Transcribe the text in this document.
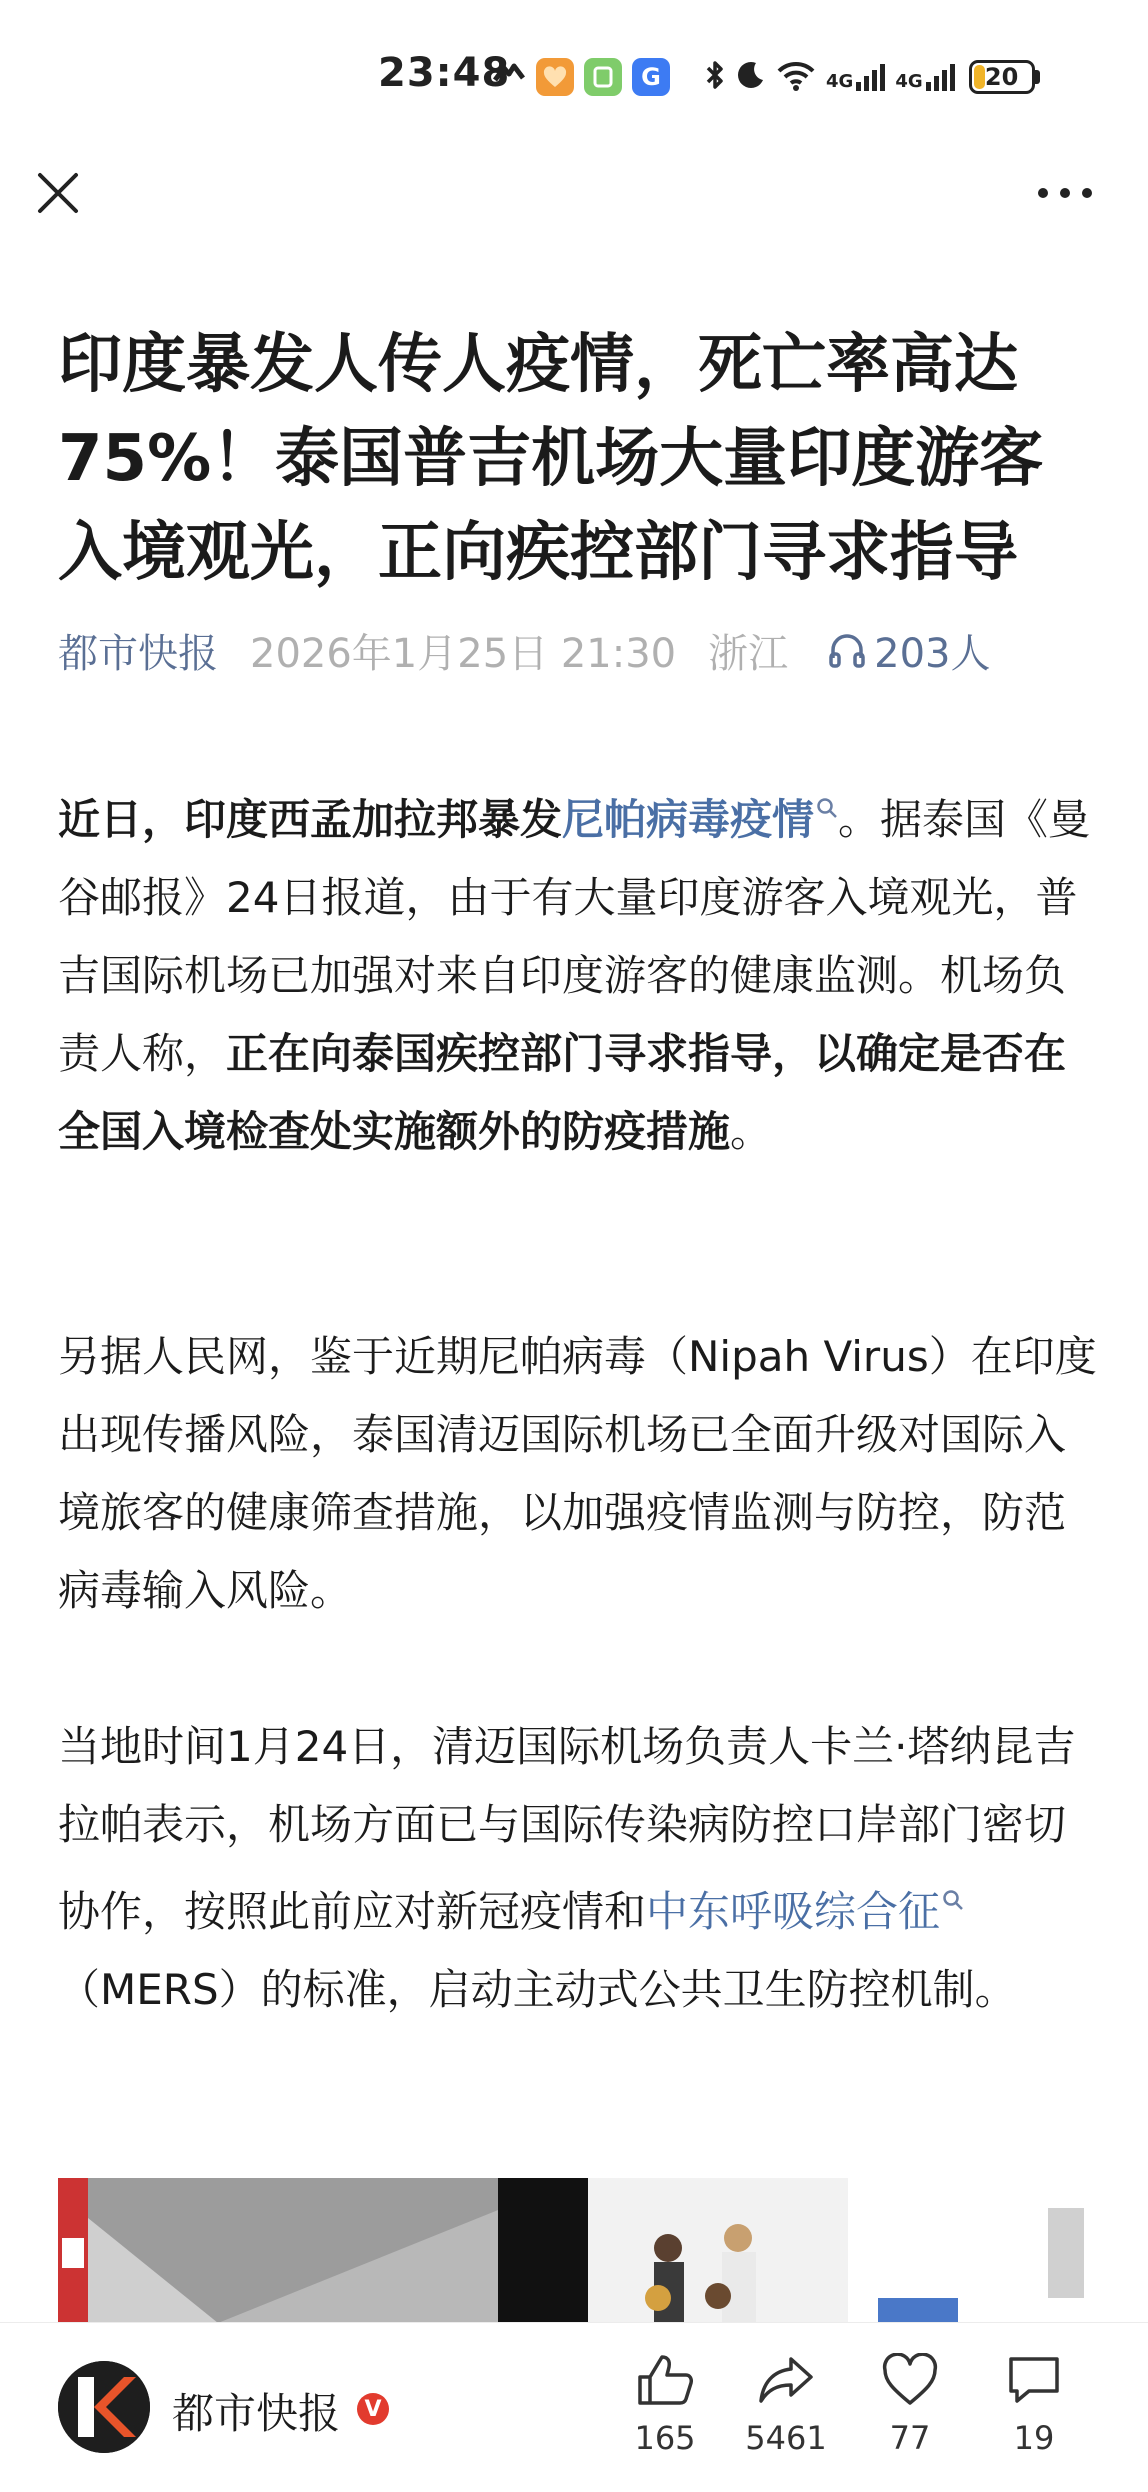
23:48	G	4G 4G	20
印度暴发人传人疫情，死亡率高达75%！泰国普吉机场大量印度游客入境观光，正向疾控部门寻求指导
都市快报 2026年1月25日 21:30 浙江 203人

近日，印度西孟加拉邦暴发尼帕病毒疫情 。据泰国《曼谷邮报》24日报道，由于有大量印度游客入境观光，普吉国际机场已加强对来自印度游客的健康监测。机场负责人称，正在向泰国疾控部门寻求指导，以确定是否在全国入境检查处实施额外的防疫措施。

另据人民网，鉴于近期尼帕病毒（Nipah Virus）在印度出现传播风险，泰国清迈国际机场已全面升级对国际入境旅客的健康筛查措施，以加强疫情监测与防控，防范病毒输入风险。

当地时间1月24日，清迈国际机场负责人卡兰·塔纳昆吉拉帕表示，机场方面已与国际传染病防控口岸部门密切协作，按照此前应对新冠疫情和中东呼吸综合征（MERS）的标准，启动主动式公共卫生防控机制。

都市快报	V
165	5461	77	19
